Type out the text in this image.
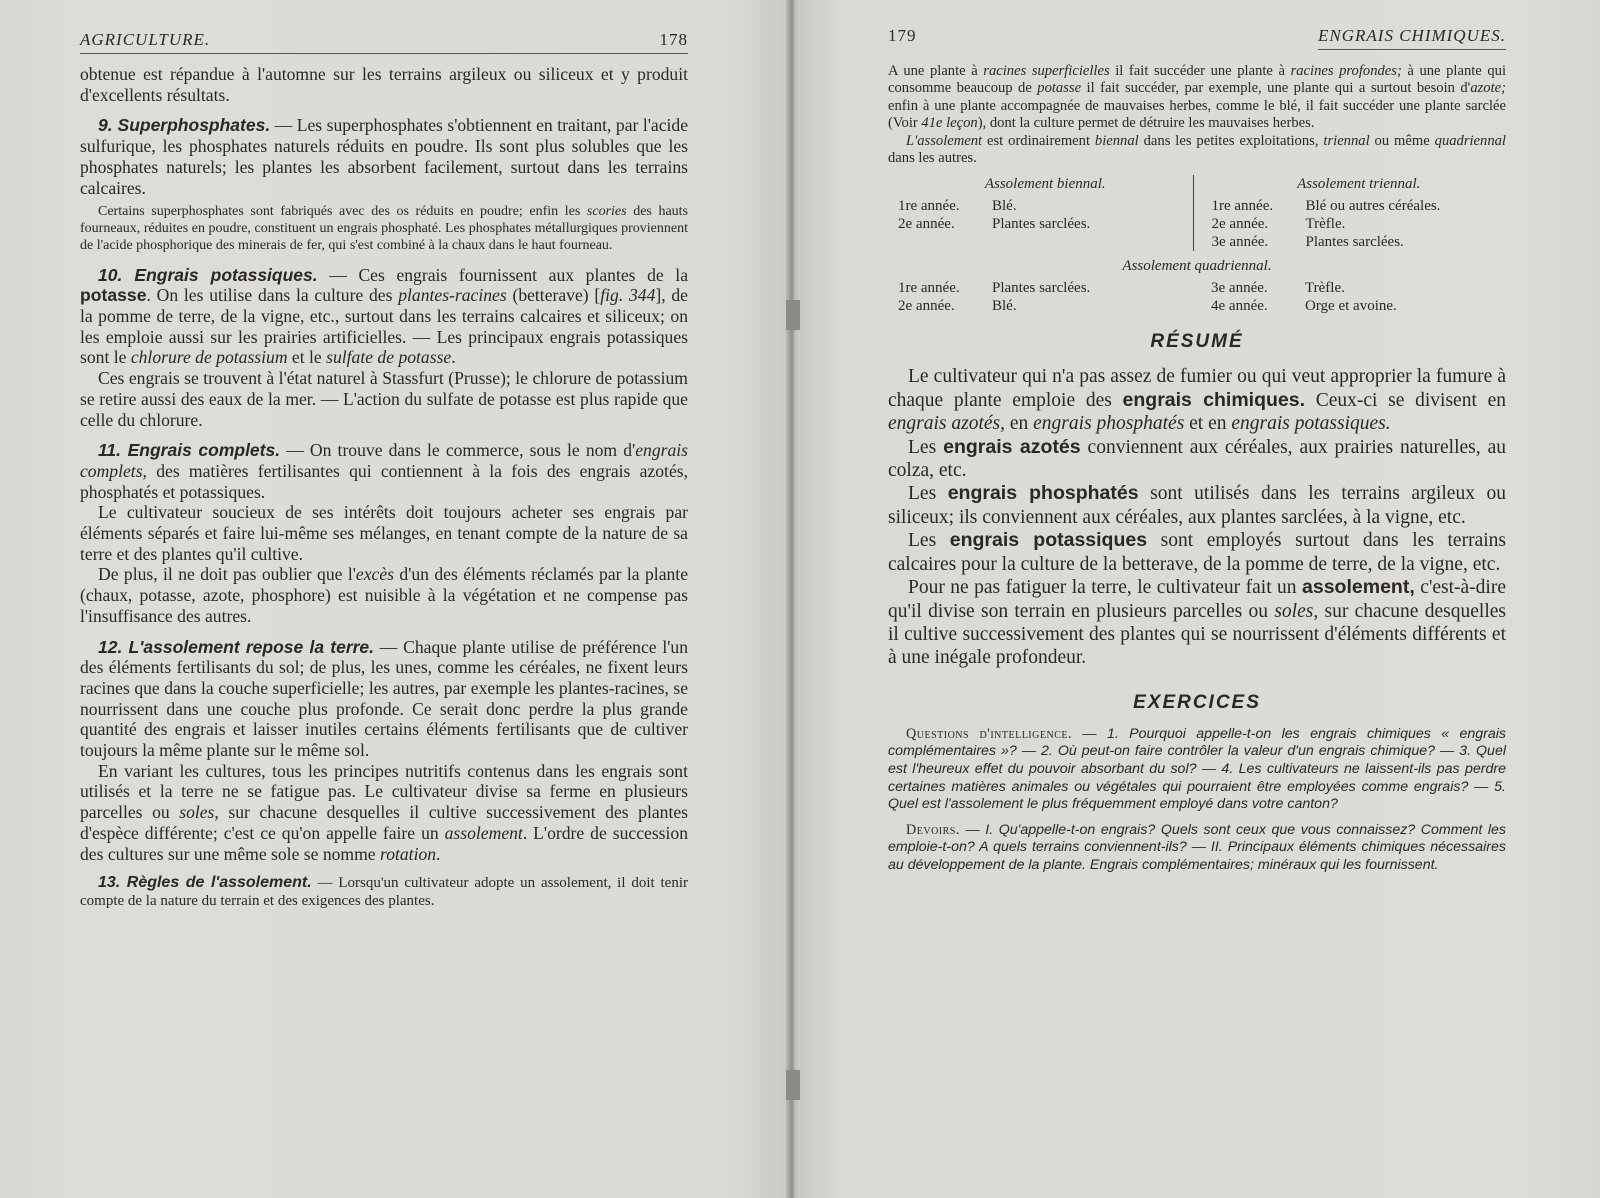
AGRICULTURE.	178

obtenue est répandue à l'automne sur les terrains argileux ou siliceux et y produit d'excellents résultats.

9. Superphosphates. — Les superphosphates s'obtiennent en traitant, par l'acide sulfurique, les phosphates naturels réduits en poudre. Ils sont plus solubles que les phosphates naturels; les plantes les absorbent facilement, surtout dans les terrains calcaires.

Certains superphosphates sont fabriqués avec des os réduits en poudre; enfin les scories des hauts fourneaux, réduites en poudre, constituent un engrais phosphaté. Les phosphates métallurgiques proviennent de l'acide phosphorique des minerais de fer, qui s'est combiné à la chaux dans le haut fourneau.

10. Engrais potassiques. — Ces engrais fournissent aux plantes de la potasse. On les utilise dans la culture des plantes-racines (betterave) [fig. 344], de la pomme de terre, de la vigne, etc., surtout dans les terrains calcaires et siliceux; on les emploie aussi sur les prairies artificielles. — Les principaux engrais potassiques sont le chlorure de potassium et le sulfate de potasse.

Ces engrais se trouvent à l'état naturel à Stassfurt (Prusse); le chlorure de potassium se retire aussi des eaux de la mer. — L'action du sulfate de potasse est plus rapide que celle du chlorure.

11. Engrais complets. — On trouve dans le commerce, sous le nom d'engrais complets, des matières fertilisantes qui contiennent à la fois des engrais azotés, phosphatés et potassiques.

Le cultivateur soucieux de ses intérêts doit toujours acheter ses engrais par éléments séparés et faire lui-même ses mélanges, en tenant compte de la nature de sa terre et des plantes qu'il cultive.

De plus, il ne doit pas oublier que l'excès d'un des éléments réclamés par la plante (chaux, potasse, azote, phosphore) est nuisible à la végétation et ne compense pas l'insuffisance des autres.

12. L'assolement repose la terre. — Chaque plante utilise de préférence l'un des éléments fertilisants du sol; de plus, les unes, comme les céréales, ne fixent leurs racines que dans la couche superficielle; les autres, par exemple les plantes-racines, se nourrissent dans une couche plus profonde. Ce serait donc perdre la plus grande quantité des engrais et laisser inutiles certains éléments fertilisants que de cultiver toujours la même plante sur le même sol.

En variant les cultures, tous les principes nutritifs contenus dans les engrais sont utilisés et la terre ne se fatigue pas. Le cultivateur divise sa ferme en plusieurs parcelles ou soles, sur chacune desquelles il cultive successivement des plantes d'espèce différente; c'est ce qu'on appelle faire un assolement. L'ordre de succession des cultures sur une même sole se nomme rotation.

13. Règles de l'assolement. — Lorsqu'un cultivateur adopte un assolement, il doit tenir compte de la nature du terrain et des exigences des plantes.

179	ENGRAIS CHIMIQUES.

A une plante à racines superficielles il fait succéder une plante à racines profondes; à une plante qui consomme beaucoup de potasse il fait succéder, par exemple, une plante qui a surtout besoin d'azote; enfin à une plante accompagnée de mauvaises herbes, comme le blé, il fait succéder une plante sarclée (Voir 41e leçon), dont la culture permet de détruire les mauvaises herbes.

L'assolement est ordinairement biennal dans les petites exploitations, triennal ou même quadriennal dans les autres.

Assolement biennal.
1re année.	Blé.
2e année.	Plantes sarclées.
Assolement triennal.
1re année.	Blé ou autres céréales.
2e année.	Trèfle.
3e année.	Plantes sarclées.
Assolement quadriennal.
1re année.	Plantes sarclées.
2e année.	Blé.
3e année.	Trèfle.
4e année.	Orge et avoine.
RÉSUMÉ

Le cultivateur qui n'a pas assez de fumier ou qui veut approprier la fumure à chaque plante emploie des engrais chimiques. Ceux-ci se divisent en engrais azotés, en engrais phosphatés et en engrais potassiques.

Les engrais azotés conviennent aux céréales, aux prairies naturelles, au colza, etc.

Les engrais phosphatés sont utilisés dans les terrains argileux ou siliceux; ils conviennent aux céréales, aux plantes sarclées, à la vigne, etc.

Les engrais potassiques sont employés surtout dans les terrains calcaires pour la culture de la betterave, de la pomme de terre, de la vigne, etc.

Pour ne pas fatiguer la terre, le cultivateur fait un assolement, c'est-à-dire qu'il divise son terrain en plusieurs parcelles ou soles, sur chacune desquelles il cultive successivement des plantes qui se nourrissent d'éléments différents et à une inégale profondeur.

EXERCICES

Questions d'intelligence. — 1. Pourquoi appelle-t-on les engrais chimiques « engrais complémentaires »? — 2. Où peut-on faire contrôler la valeur d'un engrais chimique? — 3. Quel est l'heureux effet du pouvoir absorbant du sol? — 4. Les cultivateurs ne laissent-ils pas perdre certaines matières animales ou végétales qui pourraient être employées comme engrais? — 5. Quel est l'assolement le plus fréquemment employé dans votre canton?

Devoirs. — I. Qu'appelle-t-on engrais? Quels sont ceux que vous connaissez? Comment les emploie-t-on? A quels terrains conviennent-ils? — II. Principaux éléments chimiques nécessaires au développement de la plante. Engrais complémentaires; minéraux qui les fournissent.
